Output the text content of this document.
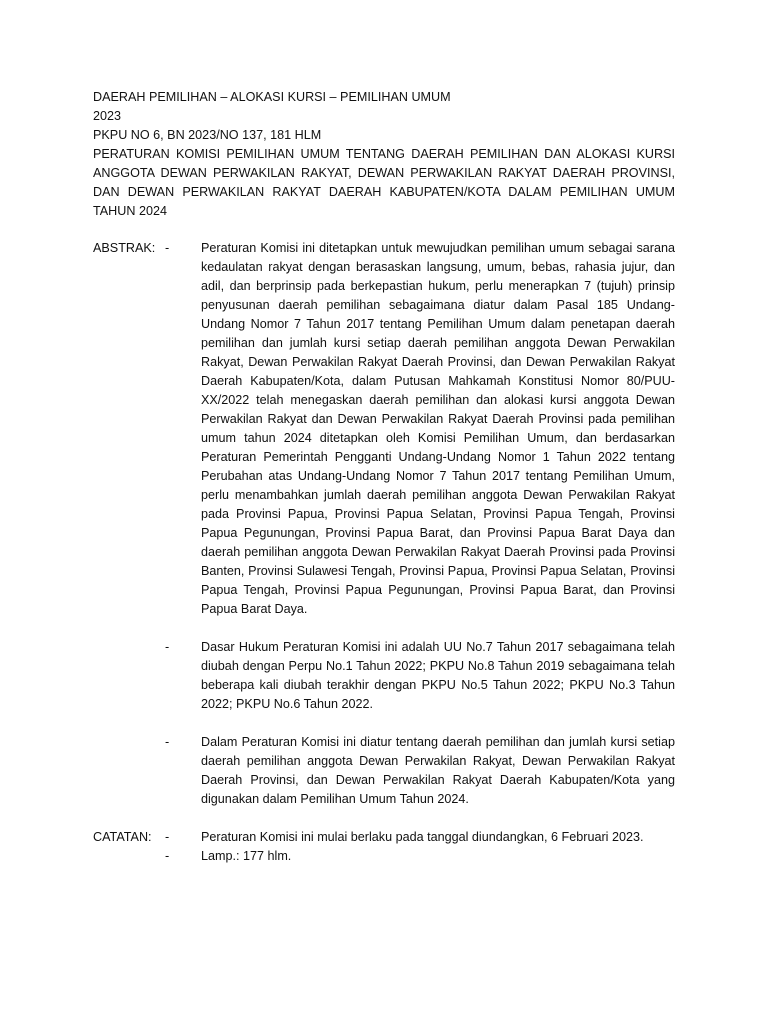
DAERAH PEMILIHAN – ALOKASI KURSI – PEMILIHAN UMUM
2023
PKPU NO 6, BN 2023/NO 137, 181 HLM
PERATURAN KOMISI PEMILIHAN UMUM TENTANG DAERAH PEMILIHAN DAN ALOKASI KURSI ANGGOTA DEWAN PERWAKILAN RAKYAT, DEWAN PERWAKILAN RAKYAT DAERAH PROVINSI, DAN DEWAN PERWAKILAN RAKYAT DAERAH KABUPATEN/KOTA DALAM PEMILIHAN UMUM TAHUN 2024
ABSTRAK: -	Peraturan Komisi ini ditetapkan untuk mewujudkan pemilihan umum sebagai sarana kedaulatan rakyat dengan berasaskan langsung, umum, bebas, rahasia jujur, dan adil, dan berprinsip pada berkepastian hukum, perlu menerapkan 7 (tujuh) prinsip penyusunan daerah pemilihan sebagaimana diatur dalam Pasal 185 Undang-Undang Nomor 7 Tahun 2017 tentang Pemilihan Umum dalam penetapan daerah pemilihan dan jumlah kursi setiap daerah pemilihan anggota Dewan Perwakilan Rakyat, Dewan Perwakilan Rakyat Daerah Provinsi, dan Dewan Perwakilan Rakyat Daerah Kabupaten/Kota, dalam Putusan Mahkamah Konstitusi Nomor 80/PUU-XX/2022 telah menegaskan daerah pemilihan dan alokasi kursi anggota Dewan Perwakilan Rakyat dan Dewan Perwakilan Rakyat Daerah Provinsi pada pemilihan umum tahun 2024 ditetapkan oleh Komisi Pemilihan Umum, dan berdasarkan Peraturan Pemerintah Pengganti Undang-Undang Nomor 1 Tahun 2022 tentang Perubahan atas Undang-Undang Nomor 7 Tahun 2017 tentang Pemilihan Umum, perlu menambahkan jumlah daerah pemilihan anggota Dewan Perwakilan Rakyat pada Provinsi Papua, Provinsi Papua Selatan, Provinsi Papua Tengah, Provinsi Papua Pegunungan, Provinsi Papua Barat, dan Provinsi Papua Barat Daya dan daerah pemilihan anggota Dewan Perwakilan Rakyat Daerah Provinsi pada Provinsi Banten, Provinsi Sulawesi Tengah, Provinsi Papua, Provinsi Papua Selatan, Provinsi Papua Tengah, Provinsi Papua Pegunungan, Provinsi Papua Barat, dan Provinsi Papua Barat Daya.
-	Dasar Hukum Peraturan Komisi ini adalah UU No.7 Tahun 2017 sebagaimana telah diubah dengan Perpu No.1 Tahun 2022; PKPU No.8 Tahun 2019 sebagaimana telah beberapa kali diubah terakhir dengan PKPU No.5 Tahun 2022; PKPU No.3 Tahun 2022; PKPU No.6 Tahun 2022.
-	Dalam Peraturan Komisi ini diatur tentang daerah pemilihan dan jumlah kursi setiap daerah pemilihan anggota Dewan Perwakilan Rakyat, Dewan Perwakilan Rakyat Daerah Provinsi, dan Dewan Perwakilan Rakyat Daerah Kabupaten/Kota yang digunakan dalam Pemilihan Umum Tahun 2024.
CATATAN:	-	Peraturan Komisi ini mulai berlaku pada tanggal diundangkan, 6 Februari 2023.
-	Lamp.: 177 hlm.
